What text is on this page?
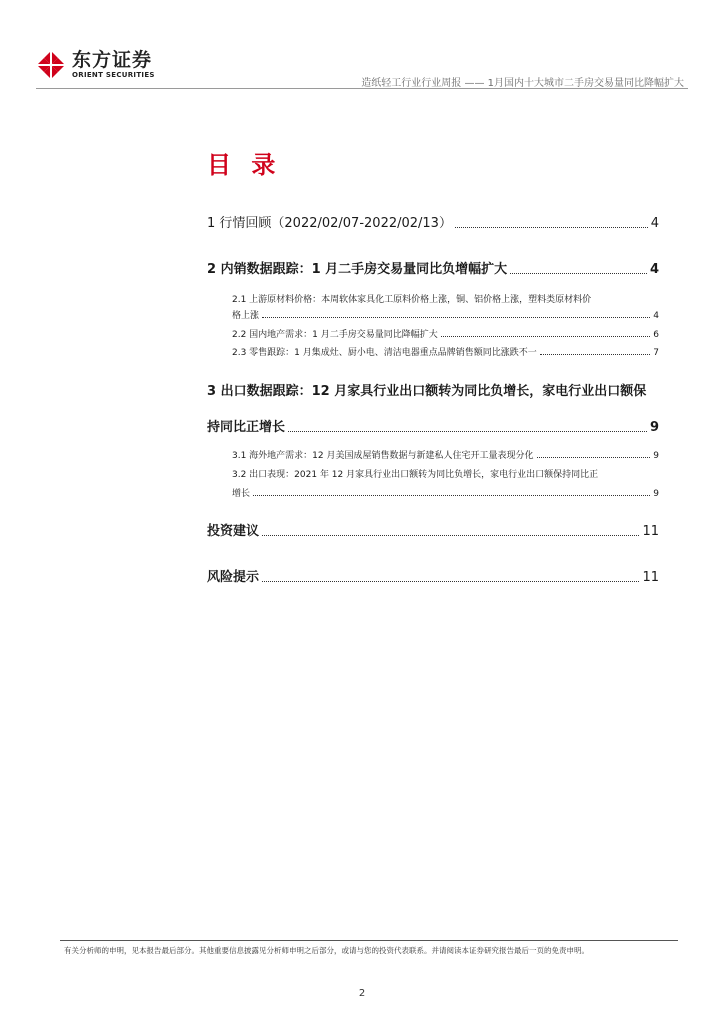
东方证券
ORIENT SECURITIES
造纸轻工行业行业周报 —— 1月国内十大城市二手房交易量同比降幅扩大
目 录
1 行情回顾（2022/02/07-2022/02/13）	4
2 内销数据跟踪：1 月二手房交易量同比负增幅扩大	4
2.1 上游原材料价格：本周软体家具化工原料价格上涨，铜、铝价格上涨，塑料类原材料价
格上涨	4
2.2 国内地产需求：1 月二手房交易量同比降幅扩大	6
2.3 零售跟踪：1 月集成灶、厨小电、清洁电器重点品牌销售额同比涨跌不一	7
3 出口数据跟踪：12 月家具行业出口额转为同比负增长，家电行业出口额保
持同比正增长	9
3.1 海外地产需求：12 月美国成屋销售数据与新建私人住宅开工量表现分化	9
3.2 出口表现：2021 年 12 月家具行业出口额转为同比负增长，家电行业出口额保持同比正
增长	9
投资建议	11
风险提示	11
有关分析师的申明，见本报告最后部分。其他重要信息披露见分析师申明之后部分，或请与您的投资代表联系。并请阅读本证券研究报告最后一页的免责申明。
2
